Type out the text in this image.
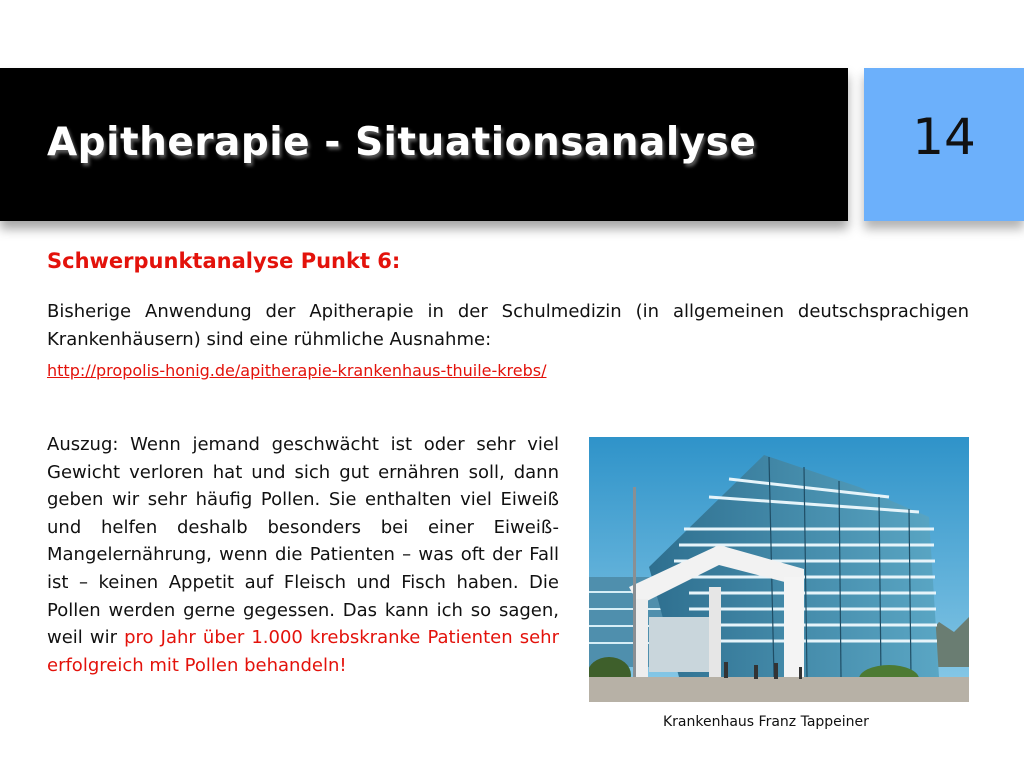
Apitherapie - Situationsanalyse	14
Schwerpunktanalyse Punkt 6:
Bisherige Anwendung der Apitherapie in der Schulmedizin (in allgemeinen deutschsprachigen Krankenhäusern) sind eine rühmliche Ausnahme:
http://propolis-honig.de/apitherapie-krankenhaus-thuile-krebs/
Auszug: Wenn jemand geschwächt ist oder sehr viel Gewicht verloren hat und sich gut ernähren soll, dann geben wir sehr häufig Pollen. Sie enthalten viel Eiweiß und helfen deshalb besonders bei einer Eiweiß-Mangelernährung, wenn die Patienten – was oft der Fall ist – keinen Appetit auf Fleisch und Fisch haben. Die Pollen werden gerne gegessen. Das kann ich so sagen, weil wir pro Jahr über 1.000 krebskranke Patienten sehr erfolgreich mit Pollen behandeln!
Krankenhaus Franz Tappeiner
